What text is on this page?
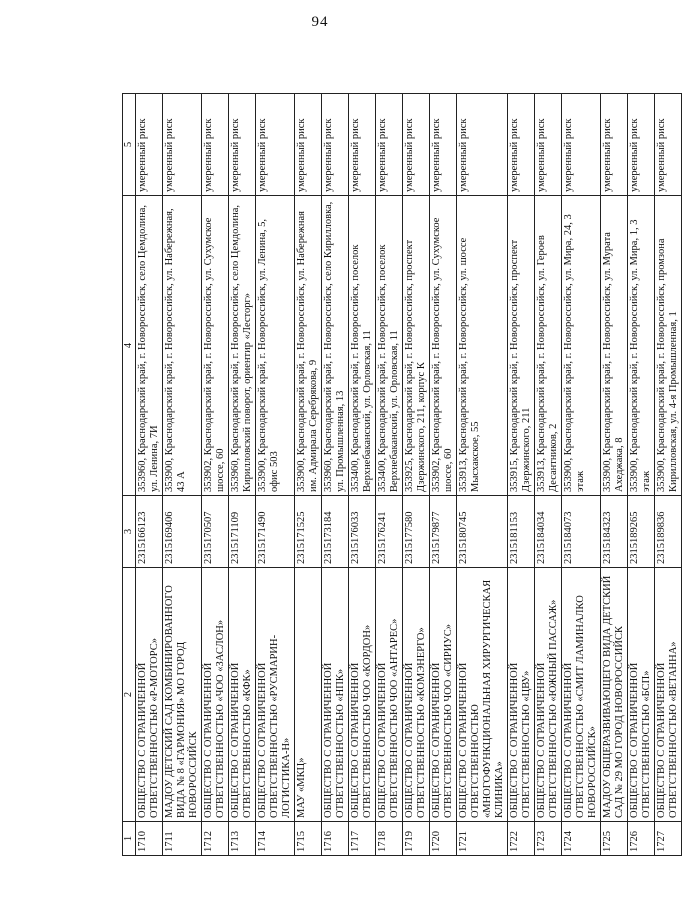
94
1	2	3	4	5
1710	ОБЩЕСТВО С ОГРАНИЧЕННОЙ ОТВЕТСТВЕННОСТЬЮ «Р-МОТОРС»	2315166123	353960, Краснодарский край, г. Новороссийск, село Цемдолина, ул. Ленина, 7И	умеренный риск
1711	МАДОУ ДЕТСКИЙ САД КОМБИНИРОВАННОГО ВИДА № 8 «ГАРМОНИЯ» МО ГОРОД НОВОРОССИЙСК	2315169406	353900, Краснодарский край, г. Новороссийск, ул. Набережная, 43 А	умеренный риск
1712	ОБЩЕСТВО С ОГРАНИЧЕННОЙ ОТВЕТСТВЕННОСТЬЮ «ЧОО «ЗАСЛОН»	2315170507	353902, Краснодарский край, г. Новороссийск, ул. Сухумское шоссе, 60	умеренный риск
1713	ОБЩЕСТВО С ОГРАНИЧЕННОЙ ОТВЕТСТВЕННОСТЬЮ «КФК»	2315171109	353960, Краснодарский край, г. Новороссийск, село Цемдолина, Кирилловский поворот, ориентир «Лесторг»	умеренный риск
1714	ОБЩЕСТВО С ОГРАНИЧЕННОЙ ОТВЕТСТВЕННОСТЬЮ «РУСМАРИН-ЛОГИСТИКА-Н»	2315171490	353900, Краснодарский край, г. Новороссийск, ул. Ленина, 5, офис 503	умеренный риск
1715	МАУ «МКЦ»	2315171525	353900, Краснодарский край, г. Новороссийск, ул. Набережная им. Адмирала Серебрякова, 9	умеренный риск
1716	ОБЩЕСТВО С ОГРАНИЧЕННОЙ ОТВЕТСТВЕННОСТЬЮ «НПК»	2315173184	353960, Краснодарский край, г. Новороссийск, село Кирилловка, ул. Промышленная, 13	умеренный риск
1717	ОБЩЕСТВО С ОГРАНИЧЕННОЙ ОТВЕТСТВЕННОСТЬЮ ЧОО «КОРДОН»	2315176033	353400, Краснодарский край, г. Новороссийск, поселок Верхнебаканский, ул. Орловская, 11	умеренный риск
1718	ОБЩЕСТВО С ОГРАНИЧЕННОЙ ОТВЕТСТВЕННОСТЬЮ ЧОО «АНТАРЕС»	2315176241	353400, Краснодарский край, г. Новороссийск, поселок Верхнебаканский, ул. Орловская, 11	умеренный риск
1719	ОБЩЕСТВО С ОГРАНИЧЕННОЙ ОТВЕТСТВЕННОСТЬЮ «КОМЭНЕРГО»	2315177580	353925, Краснодарский край, г. Новороссийск, проспект Дзержинского, 211, корпус К	умеренный риск
1720	ОБЩЕСТВО С ОГРАНИЧЕННОЙ ОТВЕТСТВЕННОСТЬЮ ЧОО «СИРИУС»	2315179877	353902, Краснодарский край, г. Новороссийск, ул. Сухумское шоссе, 60	умеренный риск
1721	ОБЩЕСТВО С ОГРАНИЧЕННОЙ ОТВЕТСТВЕННОСТЬЮ «МНОГОФУНКЦИОНАЛЬНАЯ ХИРУРГИЧЕСКАЯ КЛИНИКА»	2315180745	353913, Краснодарский край, г. Новороссийск, ул. шоссе Мысхакское, 55	умеренный риск
1722	ОБЩЕСТВО С ОГРАНИЧЕННОЙ ОТВЕТСТВЕННОСТЬЮ «ЦВУ»	2315181153	353915, Краснодарский край, г. Новороссийск, проспект Дзержинского, 211	умеренный риск
1723	ОБЩЕСТВО С ОГРАНИЧЕННОЙ ОТВЕТСТВЕННОСТЬЮ «ЮЖНЫЙ ПАССАЖ»	2315184034	353913, Краснодарский край, г. Новороссийск, ул. Героев Десантников, 2	умеренный риск
1724	ОБЩЕСТВО С ОГРАНИЧЕННОЙ ОТВЕТСТВЕННОСТЬЮ «СМИТ ЛАМИНАЛКО НОВОРОССИЙСК»	2315184073	353900, Краснодарский край, г. Новороссийск, ул. Мира, 24, 3 этаж	умеренный риск
1725	МАДОУ ОБЩЕРАЗВИВАЮЩЕГО ВИДА ДЕТСКИЙ САД № 29 МО ГОРОД НОВОРОССИЙСК	2315184323	353900, Краснодарский край, г. Новороссийск, ул. Мурата Ахеджака, 8	умеренный риск
1726	ОБЩЕСТВО С ОГРАНИЧЕННОЙ ОТВЕТСТВЕННОСТЬЮ «БСП»	2315189265	353900, Краснодарский край, г. Новороссийск, ул. Мира, 1, 3 этаж	умеренный риск
1727	ОБЩЕСТВО С ОГРАНИЧЕННОЙ ОТВЕТСТВЕННОСТЬЮ «ВЕТАННА»	2315189836	353900, Краснодарский край, г. Новороссийск, промзона Кирилловская, ул. 4-я Промышленная, 1	умеренный риск
